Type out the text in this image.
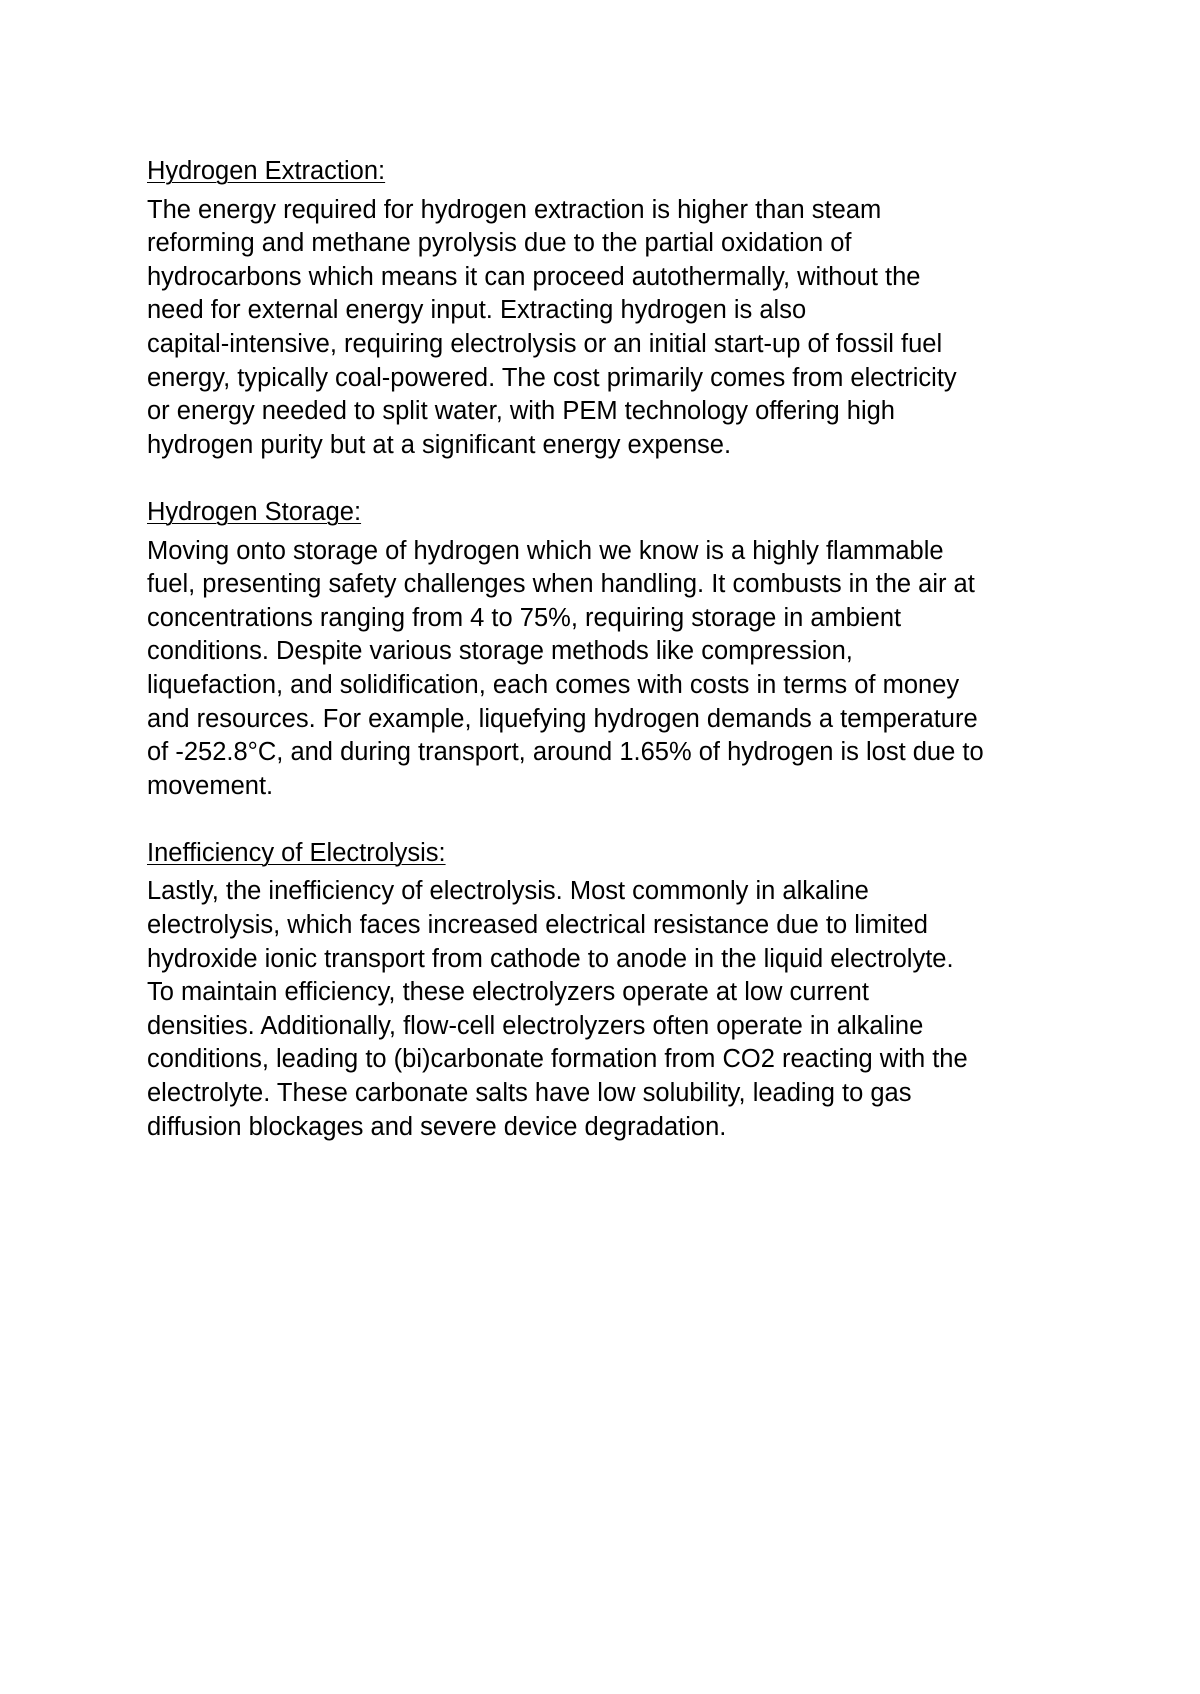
Hydrogen Extraction:
The energy required for hydrogen extraction is higher than steam
reforming and methane pyrolysis due to the partial oxidation of
hydrocarbons which means it can proceed autothermally, without the
need for external energy input. Extracting hydrogen is also
capital-intensive, requiring electrolysis or an initial start-up of fossil fuel
energy, typically coal-powered. The cost primarily comes from electricity
or energy needed to split water, with PEM technology offering high
hydrogen purity but at a significant energy expense.
Hydrogen Storage:
Moving onto storage of hydrogen which we know is a highly flammable
fuel, presenting safety challenges when handling. It combusts in the air at
concentrations ranging from 4 to 75%, requiring storage in ambient
conditions. Despite various storage methods like compression,
liquefaction, and solidification, each comes with costs in terms of money
and resources. For example, liquefying hydrogen demands a temperature
of -252.8°C, and during transport, around 1.65% of hydrogen is lost due to
movement.
Inefficiency of Electrolysis:
Lastly, the inefficiency of electrolysis. Most commonly in alkaline
electrolysis, which faces increased electrical resistance due to limited
hydroxide ionic transport from cathode to anode in the liquid electrolyte.
To maintain efficiency, these electrolyzers operate at low current
densities. Additionally, flow-cell electrolyzers often operate in alkaline
conditions, leading to (bi)carbonate formation from CO2 reacting with the
electrolyte. These carbonate salts have low solubility, leading to gas
diffusion blockages and severe device degradation.
